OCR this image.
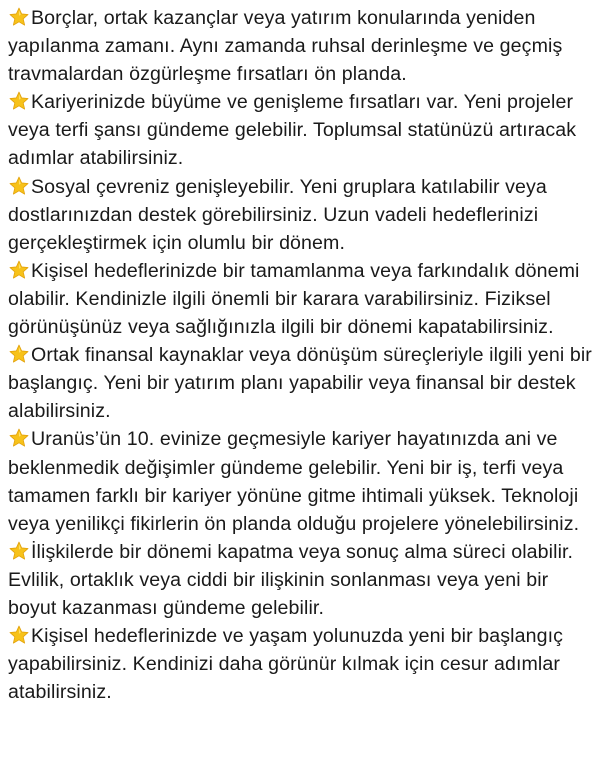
Borçlar, ortak kazançlar veya yatırım konularında yeniden yapılanma zamanı. Aynı zamanda ruhsal derinleşme ve geçmiş travmalardan özgürleşme fırsatları ön planda.

Kariyerinizde büyüme ve genişleme fırsatları var. Yeni projeler veya terfi şansı gündeme gelebilir. Toplumsal statünüzü artıracak adımlar atabilirsiniz.

Sosyal çevreniz genişleyebilir. Yeni gruplara katılabilir veya dostlarınızdan destek görebilirsiniz. Uzun vadeli hedeflerinizi gerçekleştirmek için olumlu bir dönem.

Kişisel hedeflerinizde bir tamamlanma veya farkındalık dönemi olabilir. Kendinizle ilgili önemli bir karara varabilirsiniz. Fiziksel görünüşünüz veya sağlığınızla ilgili bir dönemi kapatabilirsiniz.

Ortak finansal kaynaklar veya dönüşüm süreçleriyle ilgili yeni bir başlangıç. Yeni bir yatırım planı yapabilir veya finansal bir destek alabilirsiniz.

Uranüs’ün 10. evinize geçmesiyle kariyer hayatınızda ani ve beklenmedik değişimler gündeme gelebilir. Yeni bir iş, terfi veya tamamen farklı bir kariyer yönüne gitme ihtimali yüksek. Teknoloji veya yenilikçi fikirlerin ön planda olduğu projelere yönelebilirsiniz.

İlişkilerde bir dönemi kapatma veya sonuç alma süreci olabilir. Evlilik, ortaklık veya ciddi bir ilişkinin sonlanması veya yeni bir boyut kazanması gündeme gelebilir.

Kişisel hedeflerinizde ve yaşam yolunuzda yeni bir başlangıç yapabilirsiniz. Kendinizi daha görünür kılmak için cesur adımlar atabilirsiniz.
